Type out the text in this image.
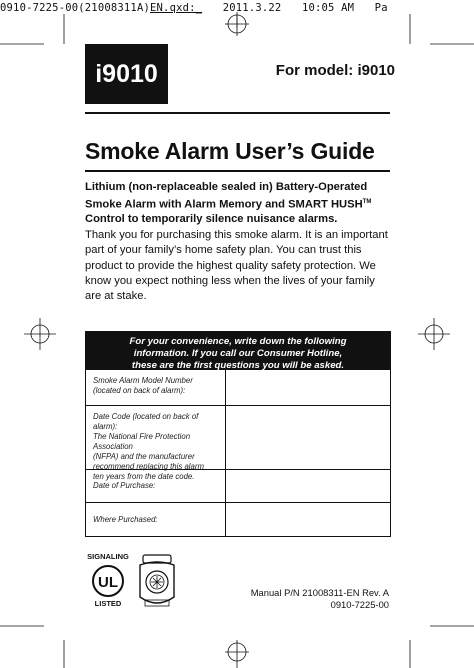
0910-7225-00(21008311A)EN.qxd:_ 2011.3.22 10:05 AM Pa
i9010	For model: i9010
Smoke Alarm User’s Guide
Lithium (non-replaceable sealed in) Battery-Operated Smoke Alarm with Alarm Memory and SMART HUSH™ Control to temporarily silence nuisance alarms.
Thank you for purchasing this smoke alarm. It is an important part of your family’s home safety plan. You can trust this product to provide the highest quality safety protection. We know you expect nothing less when the lives of your family are at stake.
For your convenience, write down the following
information. If you call our Consumer Hotline,
these are the first questions you will be asked.
Smoke Alarm Model Number
(located on back of alarm):
Date Code (located on back of alarm):
The National Fire Protection Association
(NFPA) and the manufacturer
recommend replacing this alarm
ten years from the date code.
Date of Purchase:
Where Purchased:
SIGNALING
UL
LISTED
Manual P/N 21008311-EN Rev. A
0910-7225-00
